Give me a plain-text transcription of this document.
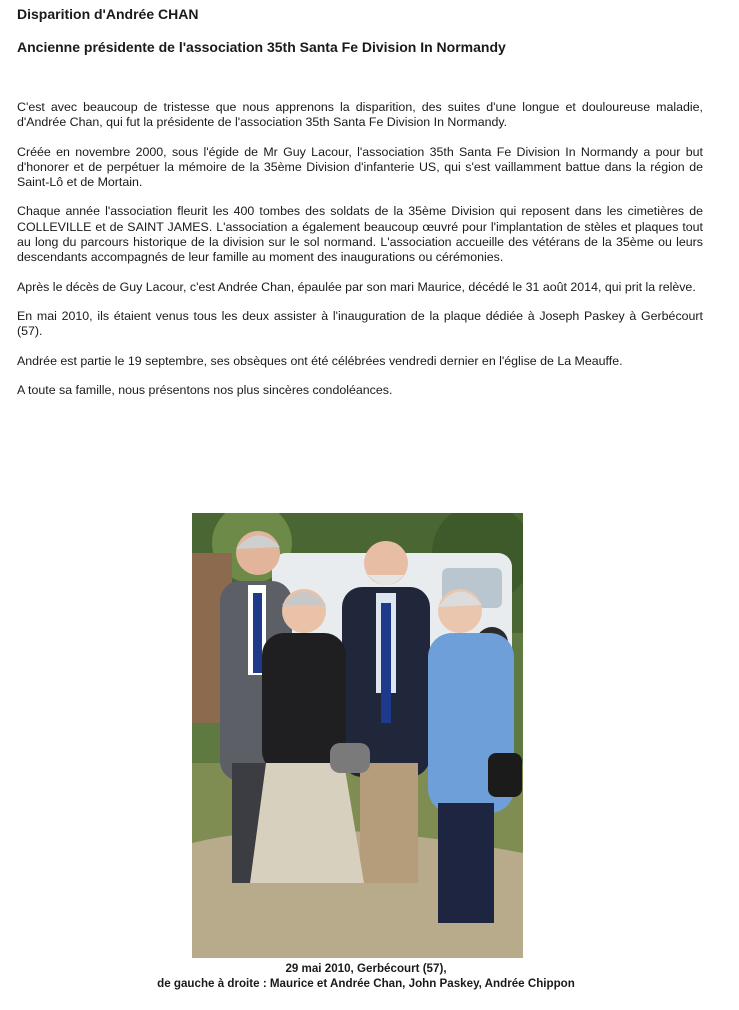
Disparition d'Andrée CHAN
Ancienne présidente de l'association 35th Santa Fe Division In Normandy

C'est avec beaucoup de tristesse que nous apprenons la disparition, des suites d'une longue et douloureuse maladie, d'Andrée Chan, qui fut la présidente de l'association 35th Santa Fe Division In Normandy.

Créée en novembre 2000, sous l'égide de Mr Guy Lacour, l'association 35th Santa Fe Division In Normandy a pour but d'honorer et de perpétuer la mémoire de la 35ème Division d'infanterie US, qui s'est vaillamment battue dans la région de Saint-Lô et de Mortain.

Chaque année l'association fleurit les 400 tombes des soldats de la 35ème Division qui reposent dans les cimetières de COLLEVILLE et de SAINT JAMES. L'association a également beaucoup œuvré pour l'implantation de stèles et plaques tout au long du parcours historique de la division sur le sol normand. L'association accueille des vétérans de la 35ème ou leurs descendants accompagnés de leur famille au moment des inaugurations ou cérémonies.

Après le décès de Guy Lacour, c'est Andrée Chan, épaulée par son mari Maurice, décédé le 31 août 2014, qui prit la relève.

En mai 2010, ils étaient venus tous les deux assister à l'inauguration de la plaque dédiée à Joseph Paskey à Gerbécourt (57).

Andrée est partie le 19 septembre, ses obsèques ont été célébrées vendredi dernier en l'église de La Meauffe.

A toute sa famille, nous présentons nos plus sincères condoléances.

29 mai 2010, Gerbécourt (57),
de gauche à droite : Maurice et Andrée Chan, John Paskey, Andrée Chippon
